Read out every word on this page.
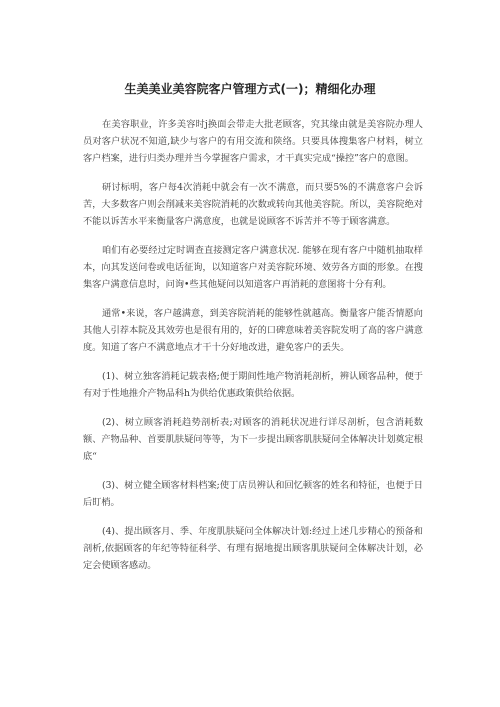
生美美业美容院客户管理方式(一)；精细化办理

在美容职业，许多美容时j换面会带走大批老顾客，究其缘由就是美容院办理人员对客户状况不知道,缺少与客户的有用交流和陕络。只要具体搜集客户材料，树立客户档案，进行归类办理并当今掌握客户需求，才干真实完成“操控”客户的意图。

研讨标明，客户每4次消耗中就会有一次不满意，而只要5%的不满意客户会诉苦，大多数客户则会削减来美容院消耗的次数或转向其他美容院。所以，美容院绝对不能以诉苦水平来衡量客户满意度，也就是说顾客不诉苦并不等于顾客满意。

咱们有必要经过定时调查直接测定客户满意状况. 能够在现有客户中随机抽取样本，向其发送问卷或电话征询，以知道客户对美容院环境、效劳各方面的形象。在搜集客户满意信息时，问询•些其他疑问以知道客户再消耗的意图将十分有利。

通常•来说，客户越满意，到美容院消耗的能够性就越高。衡量客户能否情愿向其他人引荐本院及其效劳也是很有用的，好的口碑意味着美容院发明了高的客户满意度。知道了客户不满意地点才干十分好地改进，避免客户的丢失。

(1)、树立独客消耗记载表格;便于期间性地产物消耗剖析，辨认顾客品种，便于有对于性地推介产物品科h为供给优惠政策供给依据。

(2)、树立顾客消耗趋势剖析表;对顾客的消耗状况进行详尽剖析，包含消耗数额、产物品种、首要肌肤疑问等等，为下一步提出顾客肌肤疑问全体解决计划奠定根底“

(3)、树立健全顾客材料档案;使丁店员辨认和回忆顿客的姓名和特征，也便于日后盯梢。

(4)、提出顾客月、季、年度肌肤疑问全体解决计划:经过上述几步精心的预备和剖析,依据顾客的年纪等特征科学、有理有据地提出顾客肌肤疑问全体解决计划，必定会使顾客感动。
